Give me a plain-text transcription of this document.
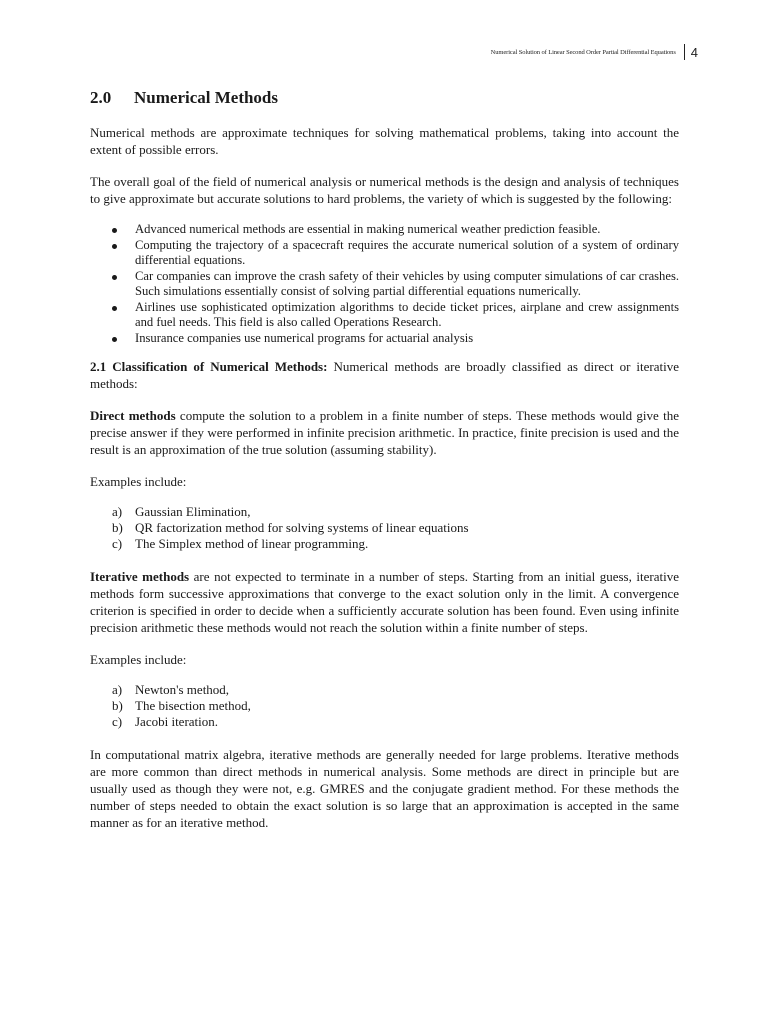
Numerical Solution of Linear Second Order Partial Differential Equations 4
2.0	Numerical Methods

Numerical methods are approximate techniques for solving mathematical problems, taking into account the extent of possible errors.

The overall goal of the field of numerical analysis or numerical methods is the design and analysis of techniques to give approximate but accurate solutions to hard problems, the variety of which is suggested by the following:

Advanced numerical methods are essential in making numerical weather prediction feasible.
Computing the trajectory of a spacecraft requires the accurate numerical solution of a system of ordinary differential equations.
Car companies can improve the crash safety of their vehicles by using computer simulations of car crashes. Such simulations essentially consist of solving partial differential equations numerically.
Airlines use sophisticated optimization algorithms to decide ticket prices, airplane and crew assignments and fuel needs. This field is also called Operations Research.
Insurance companies use numerical programs for actuarial analysis

2.1 Classification of Numerical Methods: Numerical methods are broadly classified as direct or iterative methods:

Direct methods compute the solution to a problem in a finite number of steps. These methods would give the precise answer if they were performed in infinite precision arithmetic. In practice, finite precision is used and the result is an approximation of the true solution (assuming stability).

Examples include:

a) Gaussian Elimination,
b) QR factorization method for solving systems of linear equations
c) The Simplex method of linear programming.

Iterative methods are not expected to terminate in a number of steps. Starting from an initial guess, iterative methods form successive approximations that converge to the exact solution only in the limit. A convergence criterion is specified in order to decide when a sufficiently accurate solution has been found. Even using infinite precision arithmetic these methods would not reach the solution within a finite number of steps.

Examples include:

a) Newton's method,
b) The bisection method,
c) Jacobi iteration.

In computational matrix algebra, iterative methods are generally needed for large problems. Iterative methods are more common than direct methods in numerical analysis. Some methods are direct in principle but are usually used as though they were not, e.g. GMRES and the conjugate gradient method. For these methods the number of steps needed to obtain the exact solution is so large that an approximation is accepted in the same manner as for an iterative method.
